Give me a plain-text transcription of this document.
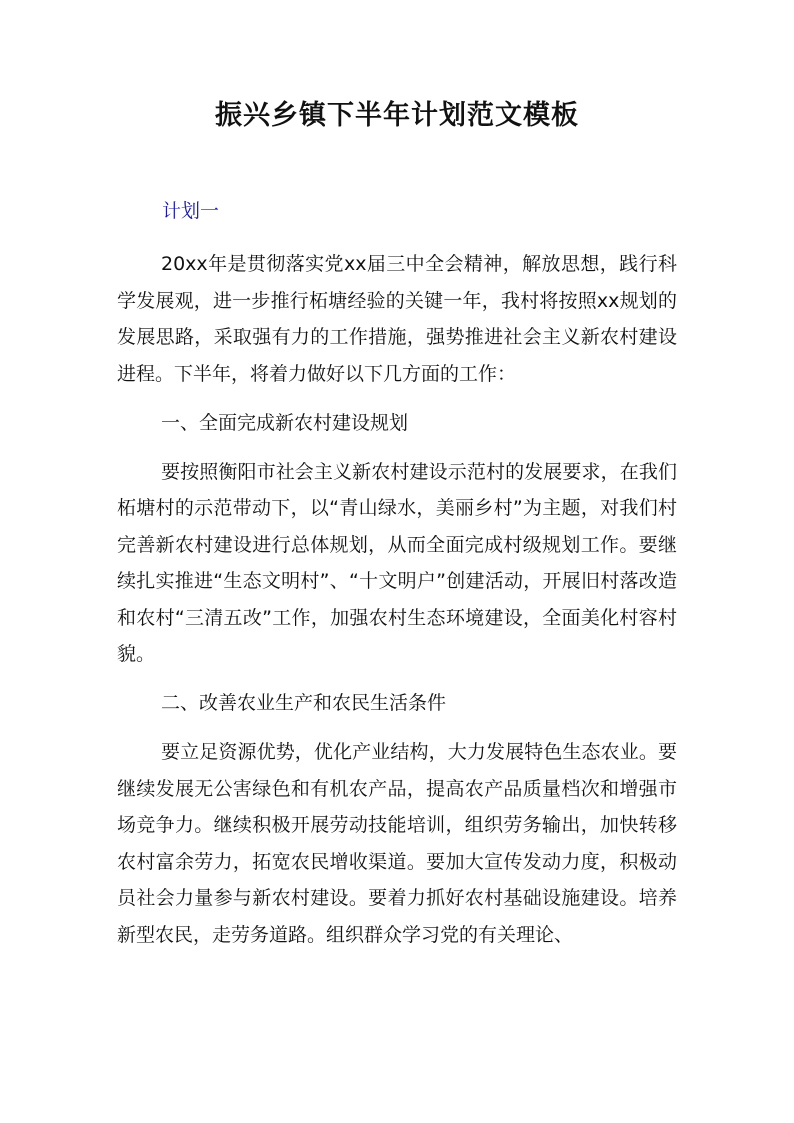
振兴乡镇下半年计划范文模板

计划一

20xx年是贯彻落实党xx届三中全会精神，解放思想，践行科学发展观，进一步推行柘塘经验的关键一年，我村将按照xx规划的发展思路，采取强有力的工作措施，强势推进社会主义新农村建设进程。下半年，将着力做好以下几方面的工作：

一、全面完成新农村建设规划

要按照衡阳市社会主义新农村建设示范村的发展要求，在我们柘塘村的示范带动下，以“青山绿水，美丽乡村”为主题，对我们村完善新农村建设进行总体规划，从而全面完成村级规划工作。要继续扎实推进“生态文明村”、“十文明户”创建活动，开展旧村落改造和农村“三清五改”工作，加强农村生态环境建设，全面美化村容村貌。

二、改善农业生产和农民生活条件

要立足资源优势，优化产业结构，大力发展特色生态农业。要继续发展无公害绿色和有机农产品，提高农产品质量档次和增强市场竞争力。继续积极开展劳动技能培训，组织劳务输出，加快转移农村富余劳力，拓宽农民增收渠道。要加大宣传发动力度，积极动员社会力量参与新农村建设。要着力抓好农村基础设施建设。培养新型农民，走劳务道路。组织群众学习党的有关理论、
